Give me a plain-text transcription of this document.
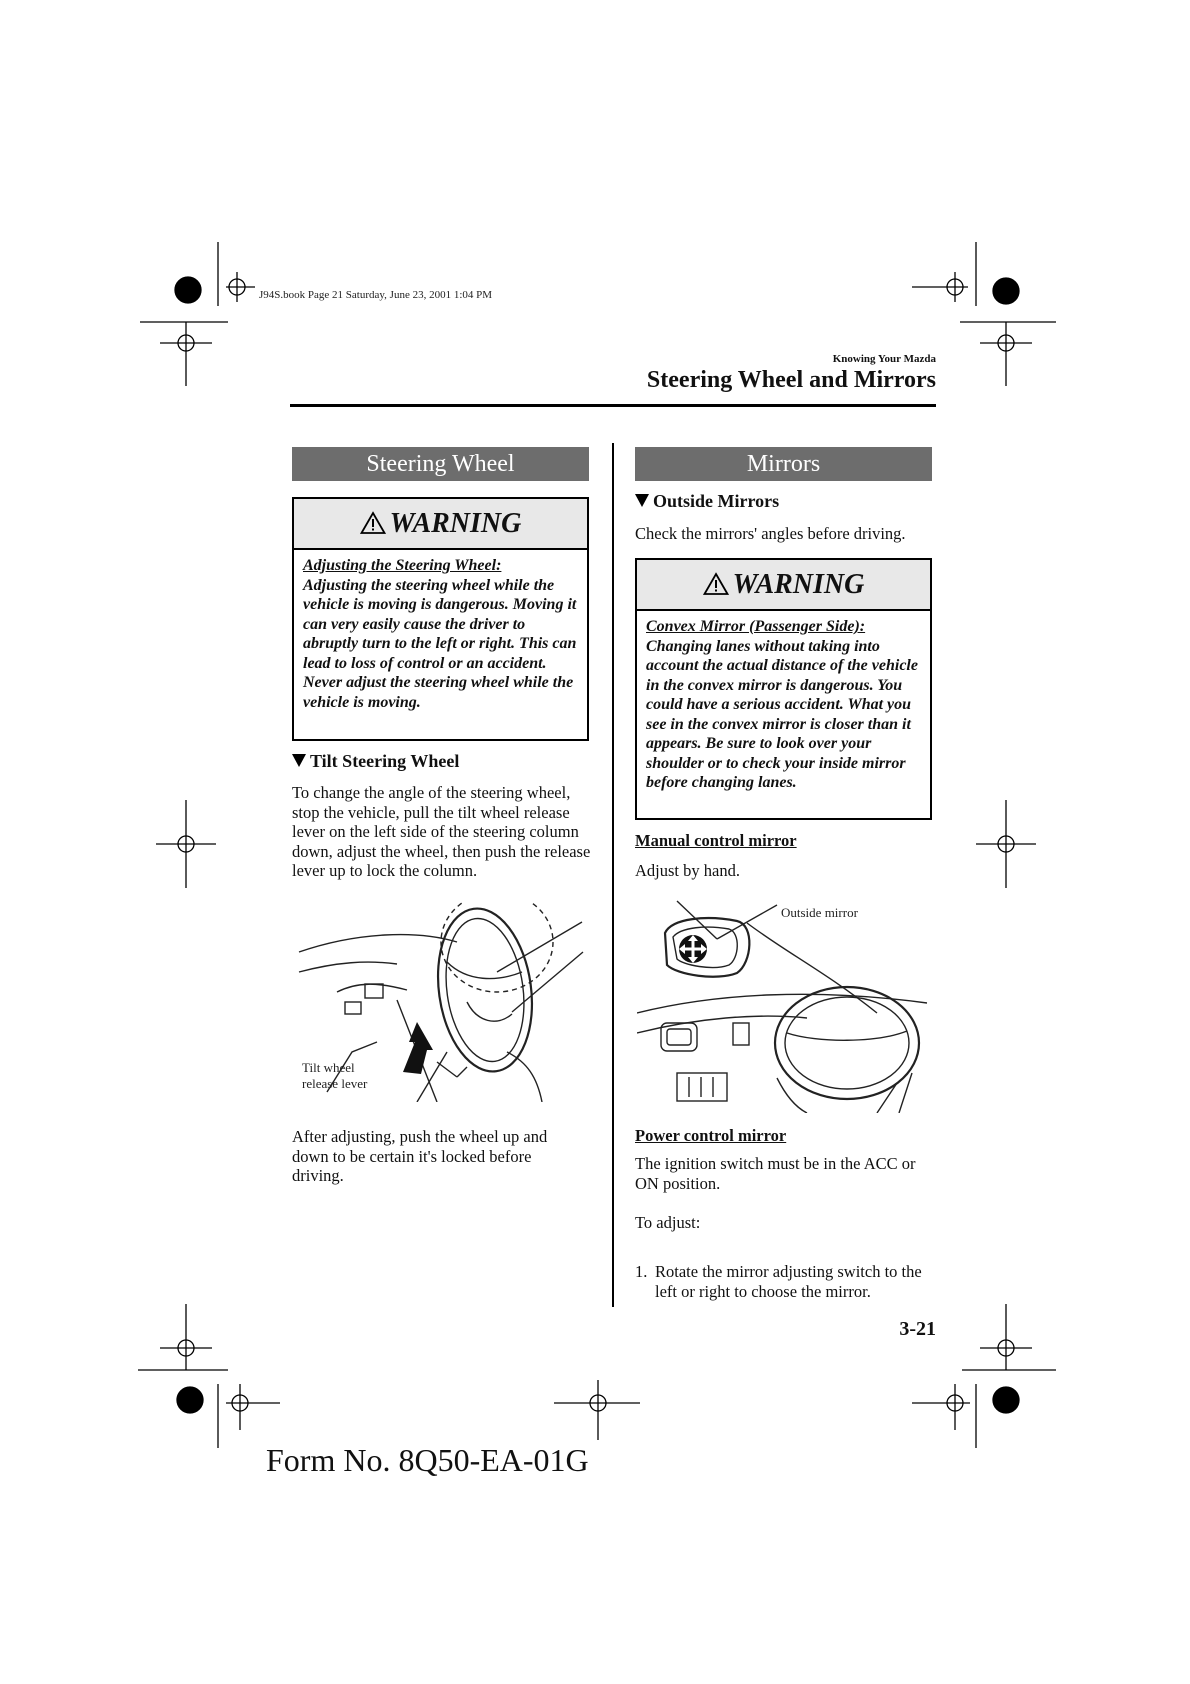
J94S.book Page 21 Saturday, June 23, 2001 1:04 PM
Knowing Your Mazda
Steering Wheel and Mirrors
Steering Wheel
WARNING
Adjusting the Steering Wheel:
Adjusting the steering wheel while the vehicle is moving is dangerous. Moving it can very easily cause the driver to abruptly turn to the left or right. This can lead to loss of control or an accident. Never adjust the steering wheel while the vehicle is moving.
Tilt Steering Wheel
To change the angle of the steering wheel, stop the vehicle, pull the tilt wheel release lever on the left side of the steering column down, adjust the wheel, then push the release lever up to lock the column.
Tilt wheel
release lever
After adjusting, push the wheel up and down to be certain it's locked before driving.
Mirrors
Outside Mirrors
Check the mirrors' angles before driving.
WARNING
Convex Mirror (Passenger Side):
Changing lanes without taking into account the actual distance of the vehicle in the convex mirror is dangerous. You could have a serious accident. What you see in the convex mirror is closer than it appears. Be sure to look over your shoulder or to check your inside mirror before changing lanes.
Manual control mirror
Adjust by hand.
Outside mirror
Power control mirror
The ignition switch must be in the ACC or ON position.
To adjust:
1. Rotate the mirror adjusting switch to the left or right to choose the mirror.
3-21
Form No. 8Q50-EA-01G
